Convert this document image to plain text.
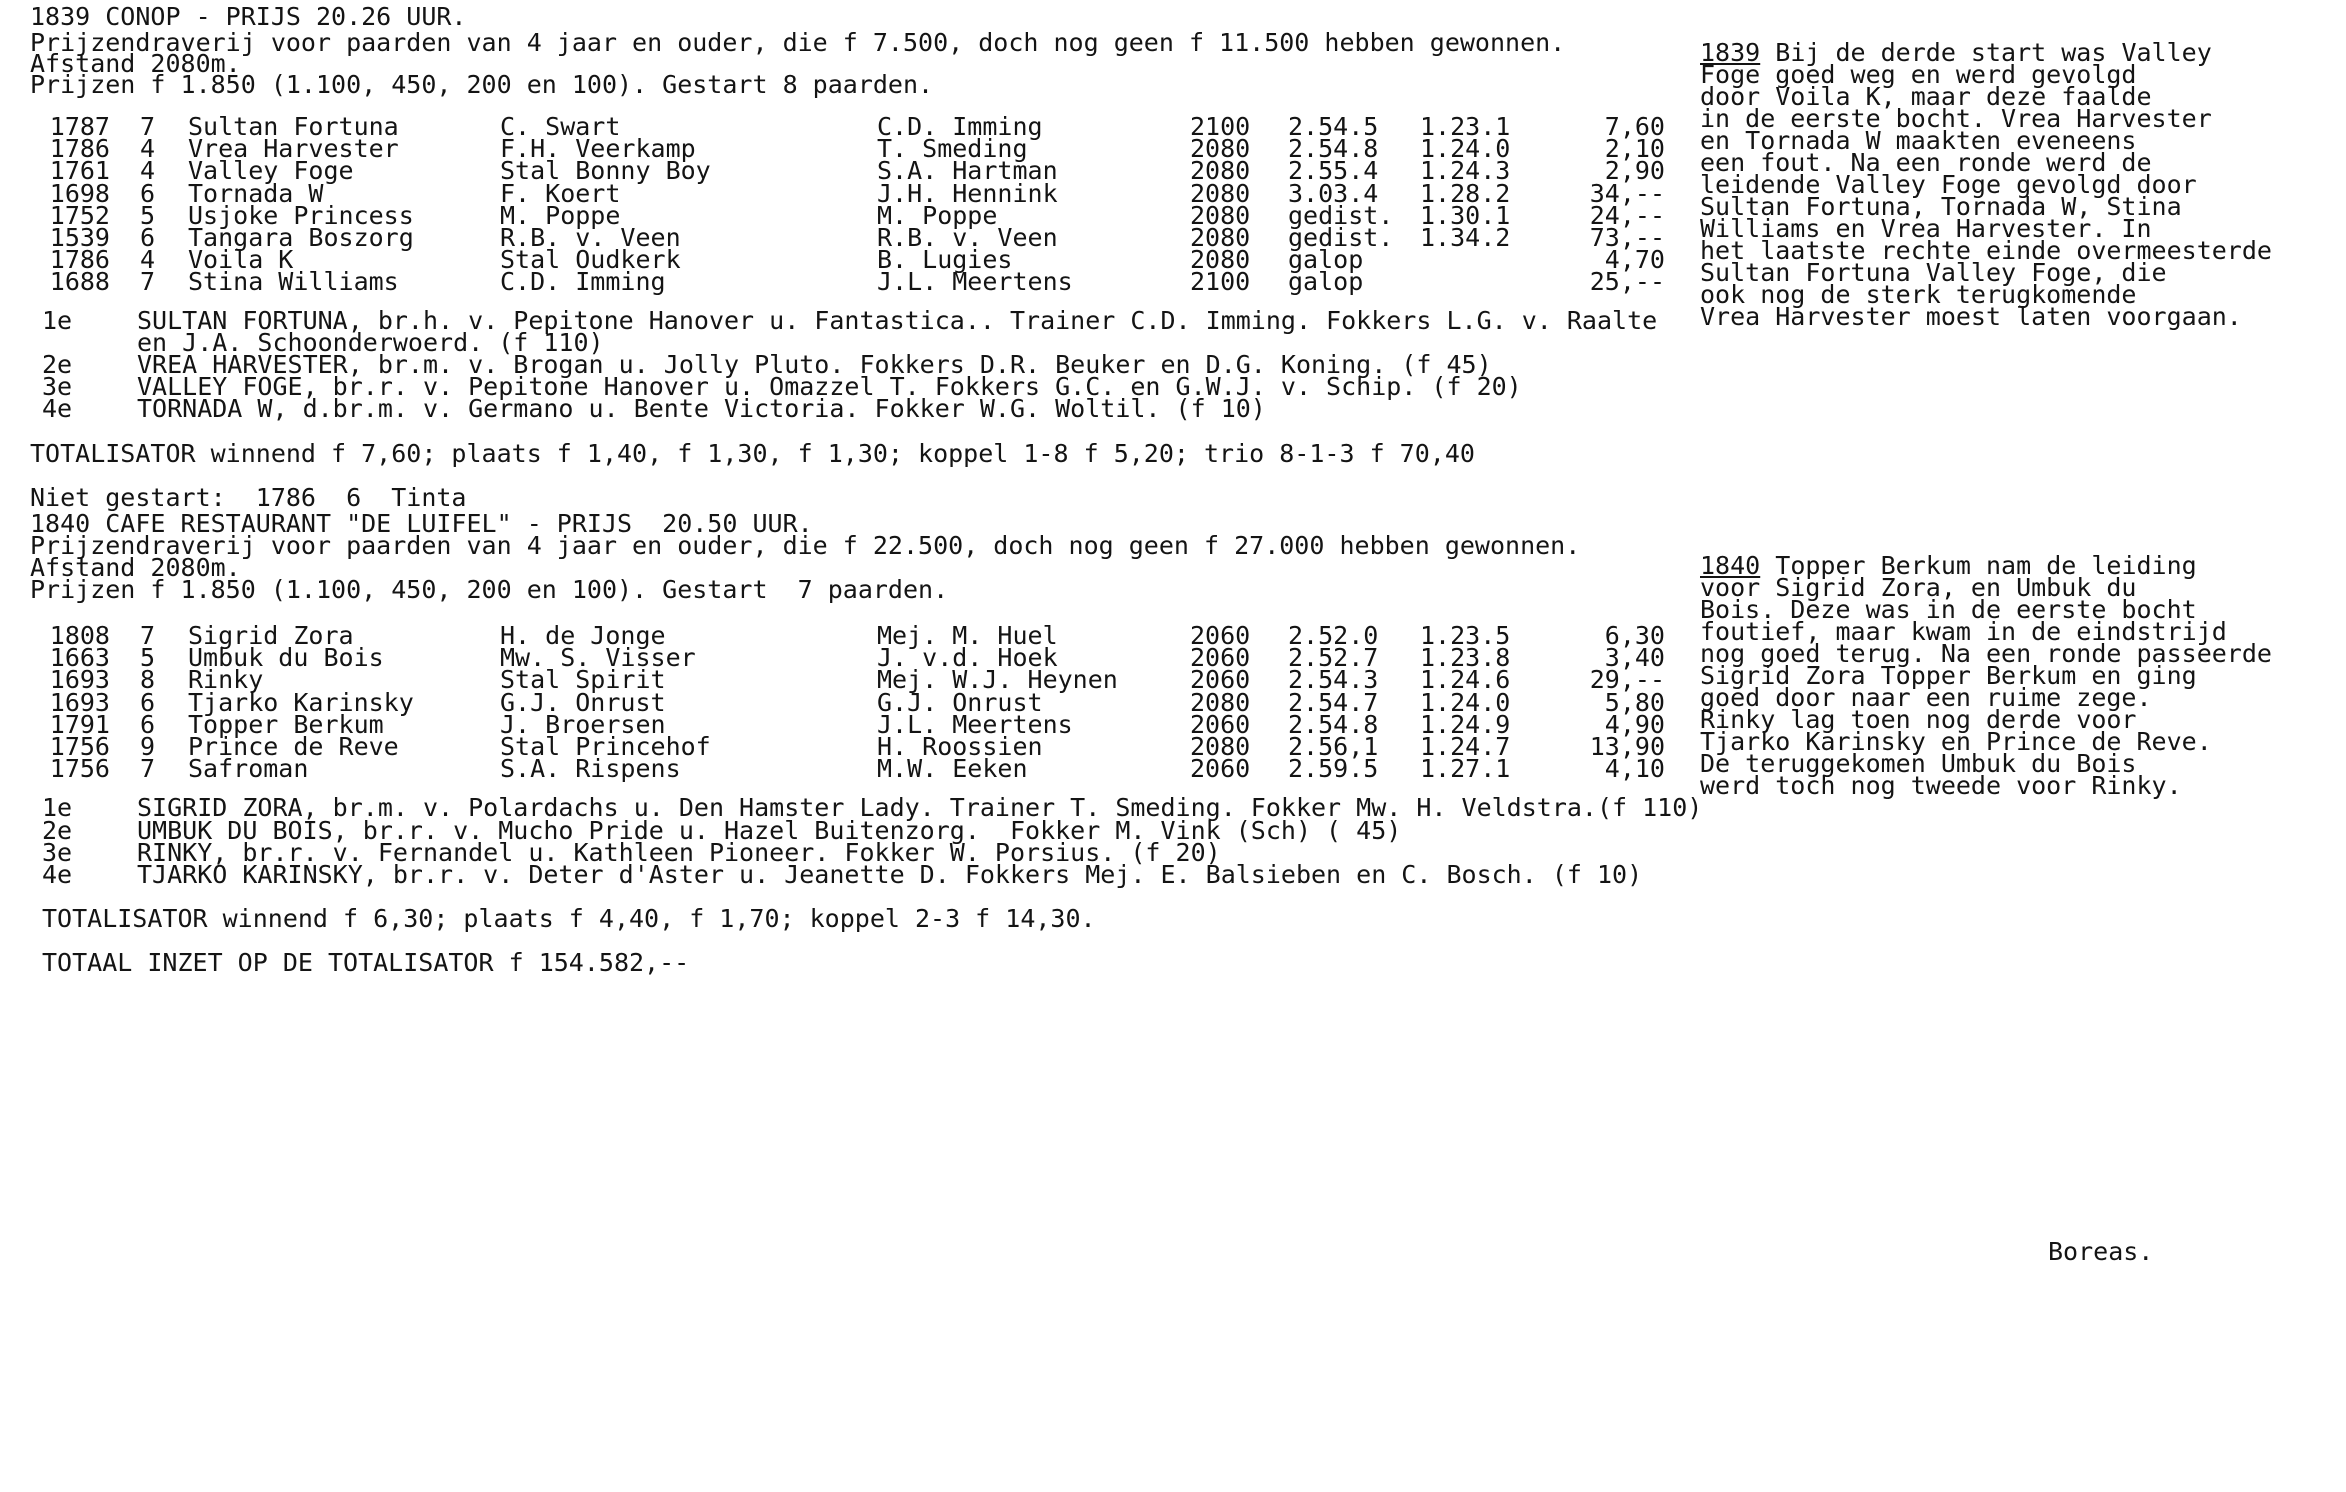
1839 CONOP - PRIJS 20.26 UUR.
Prijzendraverij voor paarden van 4 jaar en ouder, die f 7.500, doch nog geen f 11.500 hebben gewonnen.
Afstand 2080m.
Prijzen f 1.850 (1.100, 450, 200 en 100). Gestart 8 paarden.
1787 7	Sultan Fortuna	C. Swart	C.D. Imming	2100 2.54.5 1.23.1	7,60
1786 4	Vrea Harvester	F.H. Veerkamp	T. Smeding	2080 2.54.8 1.24.0	2,10
1761 4	Valley Foge	Stal Bonny Boy	S.A. Hartman	2080 2.55.4 1.24.3	2,90
1698 6	Tornada W	F. Koert	J.H. Hennink	2080 3.03.4 1.28.2	34,--
1752 5	Usjoke Princess	M. Poppe	M. Poppe	2080 gedist. 1.30.1	24,--
1539 6	Tangara Boszorg	R.B. v. Veen	R.B. v. Veen	2080 gedist. 1.34.2	73,--
1786 4	Voila K	Stal Oudkerk	B. Lugies	2080 galop	4,70
1688 7	Stina Williams	C.D. Imming	J.L. Meertens	2100 galop	25,--
1e	SULTAN FORTUNA, br.h. v. Pepitone Hanover u. Fantastica.. Trainer C.D. Imming. Fokkers L.G. v. Raalte
en J.A. Schoonderwoerd. (f 110)
2e	VREA HARVESTER, br.m. v. Brogan u. Jolly Pluto. Fokkers D.R. Beuker en D.G. Koning. (f 45)
3e	VALLEY FOGE, br.r. v. Pepitone Hanover u. Omazzel T. Fokkers G.C. en G.W.J. v. Schip. (f 20)
4e	TORNADA W, d.br.m. v. Germano u. Bente Victoria. Fokker W.G. Woltil. (f 10)
TOTALISATOR winnend f 7,60; plaats f 1,40, f 1,30, f 1,30; koppel 1-8 f 5,20; trio 8-1-3 f 70,40
Niet gestart:  1786  6  Tinta
1839 Bij de derde start was Valley
Foge goed weg en werd gevolgd
door Voila K, maar deze faalde
in de eerste bocht. Vrea Harvester
en Tornada W maakten eveneens
een fout. Na een ronde werd de
leidende Valley Foge gevolgd door
Sultan Fortuna, Tornada W, Stina
Williams en Vrea Harvester. In
het laatste rechte einde overmeesterde
Sultan Fortuna Valley Foge, die
ook nog de sterk terugkomende
Vrea Harvester moest laten voorgaan.
1840 CAFE RESTAURANT "DE LUIFEL" - PRIJS  20.50 UUR.
Prijzendraverij voor paarden van 4 jaar en ouder, die f 22.500, doch nog geen f 27.000 hebben gewonnen.
Afstand 2080m.
Prijzen f 1.850 (1.100, 450, 200 en 100). Gestart  7 paarden.
1808 7	Sigrid Zora	H. de Jonge	Mej. M. Huel	2060 2.52.0 1.23.5	6,30
1663 5	Umbuk du Bois	Mw. S. Visser	J. v.d. Hoek	2060 2.52.7 1.23.8	3,40
1693 8	Rinky	Stal Spirit	Mej. W.J. Heynen	2060 2.54.3 1.24.6	29,--
1693 6	Tjarko Karinsky	G.J. Onrust	G.J. Onrust	2080 2.54.7 1.24.0	5,80
1791 6	Topper Berkum	J. Broersen	J.L. Meertens	2060 2.54.8 1.24.9	4,90
1756 9	Prince de Reve	Stal Princehof	H. Roossien	2080 2.56,1 1.24.7	13,90
1756 7	Safroman	S.A. Rispens	M.W. Eeken	2060 2.59.5 1.27.1	4,10
1e	SIGRID ZORA, br.m. v. Polardachs u. Den Hamster Lady. Trainer T. Smeding. Fokker Mw. H. Veldstra.(f 110)
2e	UMBUK DU BOIS, br.r. v. Mucho Pride u. Hazel Buitenzorg.  Fokker M. Vink (Sch) ( 45)
3e	RINKY, br.r. v. Fernandel u. Kathleen Pioneer. Fokker W. Porsius. (f 20)
4e	TJARKO KARINSKY, br.r. v. Deter d'Aster u. Jeanette D. Fokkers Mej. E. Balsieben en C. Bosch. (f 10)
TOTALISATOR winnend f 6,30; plaats f 4,40, f 1,70; koppel 2-3 f 14,30.
TOTAAL INZET OP DE TOTALISATOR f 154.582,--
1840 Topper Berkum nam de leiding
voor Sigrid Zora, en Umbuk du
Bois. Deze was in de eerste bocht
foutief, maar kwam in de eindstrijd
nog goed terug. Na een ronde passeerde
Sigrid Zora Topper Berkum en ging
goed door naar een ruime zege.
Rinky lag toen nog derde voor
Tjarko Karinsky en Prince de Reve.
De teruggekomen Umbuk du Bois
werd toch nog tweede voor Rinky.
Boreas.
